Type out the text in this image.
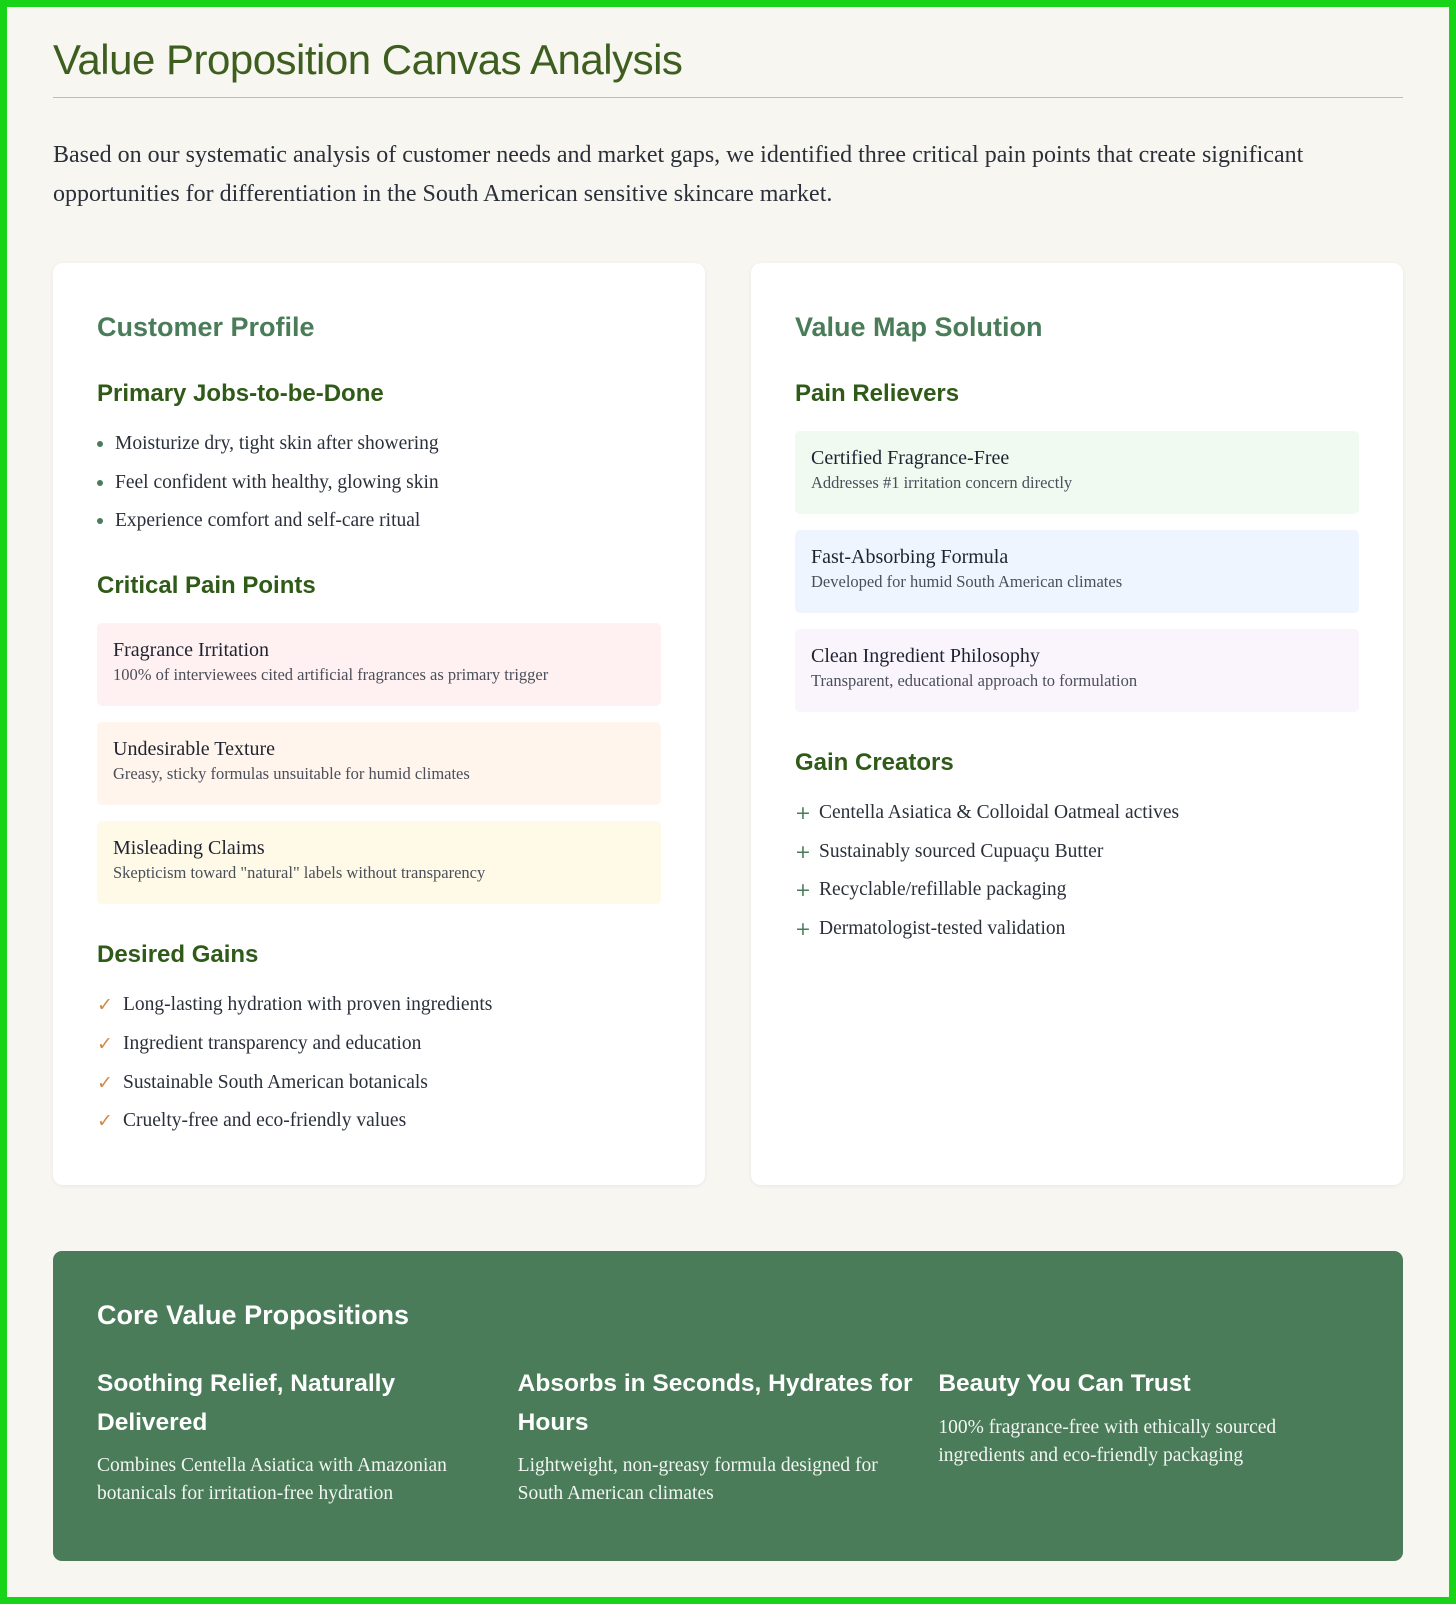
Value Proposition Canvas Analysis

Based on our systematic analysis of customer needs and market gaps, we identified three critical pain points that create significant opportunities for differentiation in the South American sensitive skincare market.

Customer Profile
Primary Jobs-to-be-Done
Moisturize dry, tight skin after showering
Feel confident with healthy, glowing skin
Experience comfort and self-care ritual
Critical Pain Points
Fragrance Irritation
100% of interviewees cited artificial fragrances as primary trigger
Undesirable Texture
Greasy, sticky formulas unsuitable for humid climates
Misleading Claims
Skepticism toward "natural" labels without transparency
Desired Gains
✓ Long-lasting hydration with proven ingredients
✓ Ingredient transparency and education
✓ Sustainable South American botanicals
✓ Cruelty-free and eco-friendly values
Value Map Solution
Pain Relievers
Certified Fragrance-Free
Addresses #1 irritation concern directly
Fast-Absorbing Formula
Developed for humid South American climates
Clean Ingredient Philosophy
Transparent, educational approach to formulation
Gain Creators
+ Centella Asiatica & Colloidal Oatmeal actives
+ Sustainably sourced Cupuaçu Butter
+ Recyclable/refillable packaging
+ Dermatologist-tested validation
Core Value Propositions
Soothing Relief, Naturally Delivered
Combines Centella Asiatica with Amazonian botanicals for irritation-free hydration
Absorbs in Seconds, Hydrates for Hours
Lightweight, non-greasy formula designed for South American climates
Beauty You Can Trust
100% fragrance-free with ethically sourced ingredients and eco-friendly packaging
